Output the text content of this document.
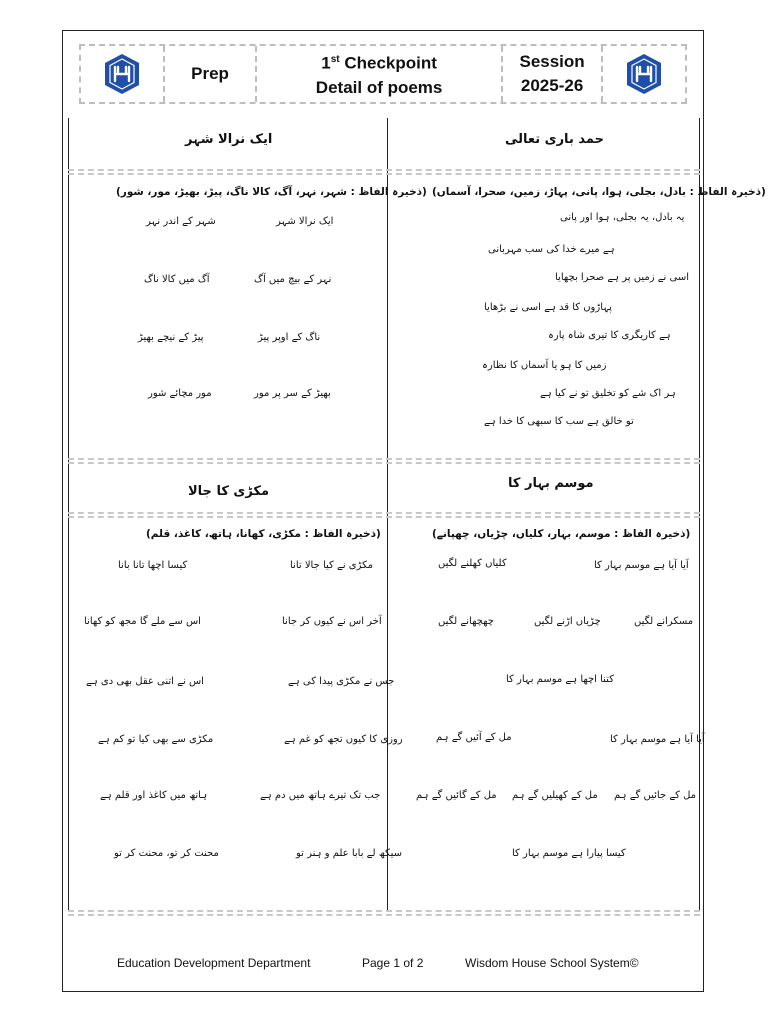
Prep
1st Checkpoint
Detail of poems
Session
2025-26
حمد باری تعالی
ایک نرالا شہر
موسم بہار کا
مکڑی کا جالا
(ذخیرہ الفاظ : بادل، بجلی، ہوا، پانی، پہاڑ، زمیں، صحرا، آسماں)
یہ بادل، یہ بجلی، ہوا اور پانی
ہے میرے خدا کی سب مہربانی
اسی نے زمیں پر ہے صحرا بچھایا
پہاڑوں کا قد ہے اسی نے بڑھایا
ہے کاریگری کا تیری شاہ پارہ
زمیں کا ہو یا آسماں کا نظارہ
ہر اک شے کو تخلیق تو نے کیا ہے
تو خالق ہے سب کا سبھی کا خدا ہے
(ذخیرہ الفاظ : شہر، نہر، آگ، کالا ناگ، پیڑ، بھیڑ، مور، شور)
ایک نرالا شہر
شہر کے اندر نہر
نہر کے بیچ میں آگ
آگ میں کالا ناگ
ناگ کے اوپر پیڑ
پیڑ کے نیچے بھیڑ
بھیڑ کے سر پر مور
مور مچائے شور
(ذخیرہ الفاظ : موسم، بہار، کلیاں، چڑیاں، چھپانے)
آیا آیا ہے موسم بہار کا
کلیاں کھلنے لگیں
مسکرانے لگیں
چڑیاں اڑنے لگیں
چھچھانے لگیں
کتنا اچھا ہے موسم بہار کا
آیا آیا ہے موسم بہار کا
مل کے آئیں گے ہم
مل کے جائیں گے ہم
مل کے کھیلیں گے ہم
مل کے گائیں گے ہم
کیسا پیارا ہے موسم بہار کا
(ذخیرہ الفاظ : مکڑی، کھانا، ہاتھ، کاغذ، قلم)
مکڑی نے کیا جالا تانا
کیسا اچھا تانا بانا
آخر اس نے کیوں کر جانا
اس سے ملے گا مجھ کو کھانا
جس نے مکڑی پیدا کی ہے
اس نے اتنی عقل بھی دی ہے
روزی کا کیوں تجھ کو غم ہے
مکڑی سے بھی کیا تو کم ہے
جب تک تیرے ہاتھ میں دم ہے
ہاتھ میں کاغذ اور قلم ہے
سیکھ لے بابا علم و ہنر تو
محنت کر تو، محنت کر تو
Education Development Department	Page 1 of 2	Wisdom House School System©
